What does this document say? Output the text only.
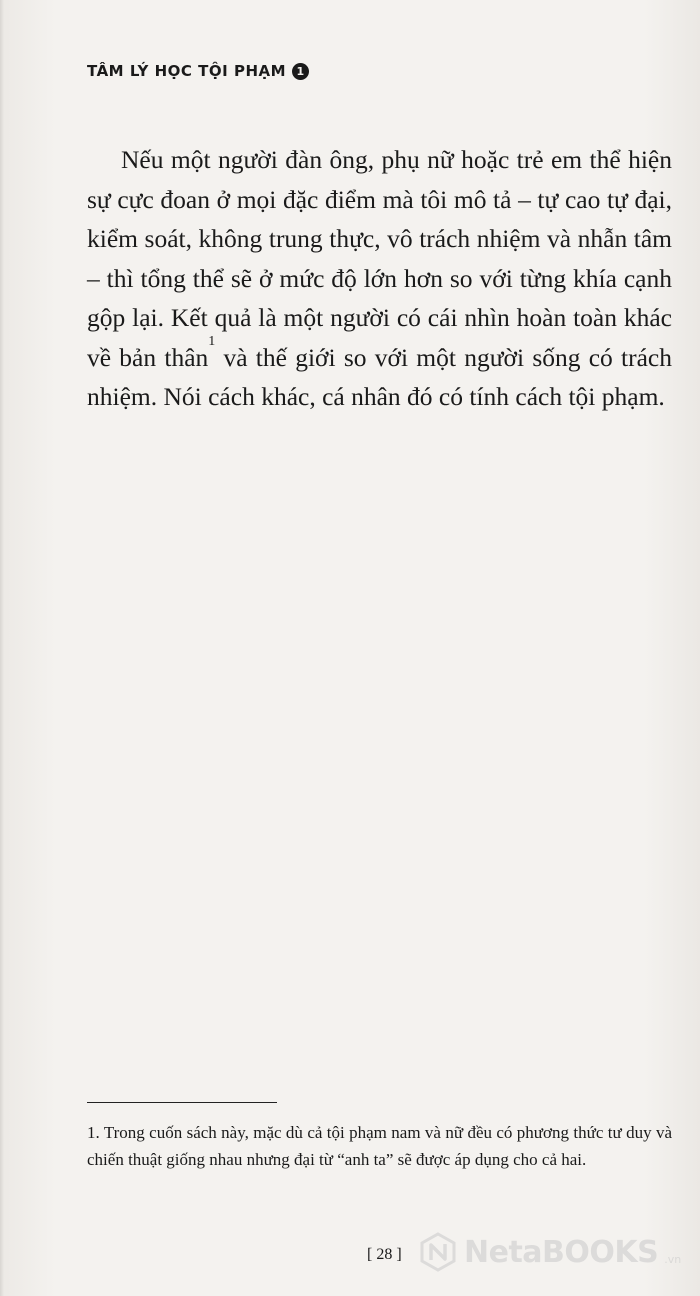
TÂM LÝ HỌC TỘI PHẠM 1

Nếu một người đàn ông, phụ nữ hoặc trẻ em thể hiện sự cực đoan ở mọi đặc điểm mà tôi mô tả – tự cao tự đại, kiểm soát, không trung thực, vô trách nhiệm và nhẫn tâm – thì tổng thể sẽ ở mức độ lớn hơn so với từng khía cạnh gộp lại. Kết quả là một người có cái nhìn hoàn toàn khác về bản thân$^1$ và thế giới so với một người sống có trách nhiệm. Nói cách khác, cá nhân đó có tính cách tội phạm.

1. Trong cuốn sách này, mặc dù cả tội phạm nam và nữ đều có phương thức tư duy và chiến thuật giống nhau nhưng đại từ “anh ta” sẽ được áp dụng cho cả hai.
[ 28 ] NetaBOOKS .vn
